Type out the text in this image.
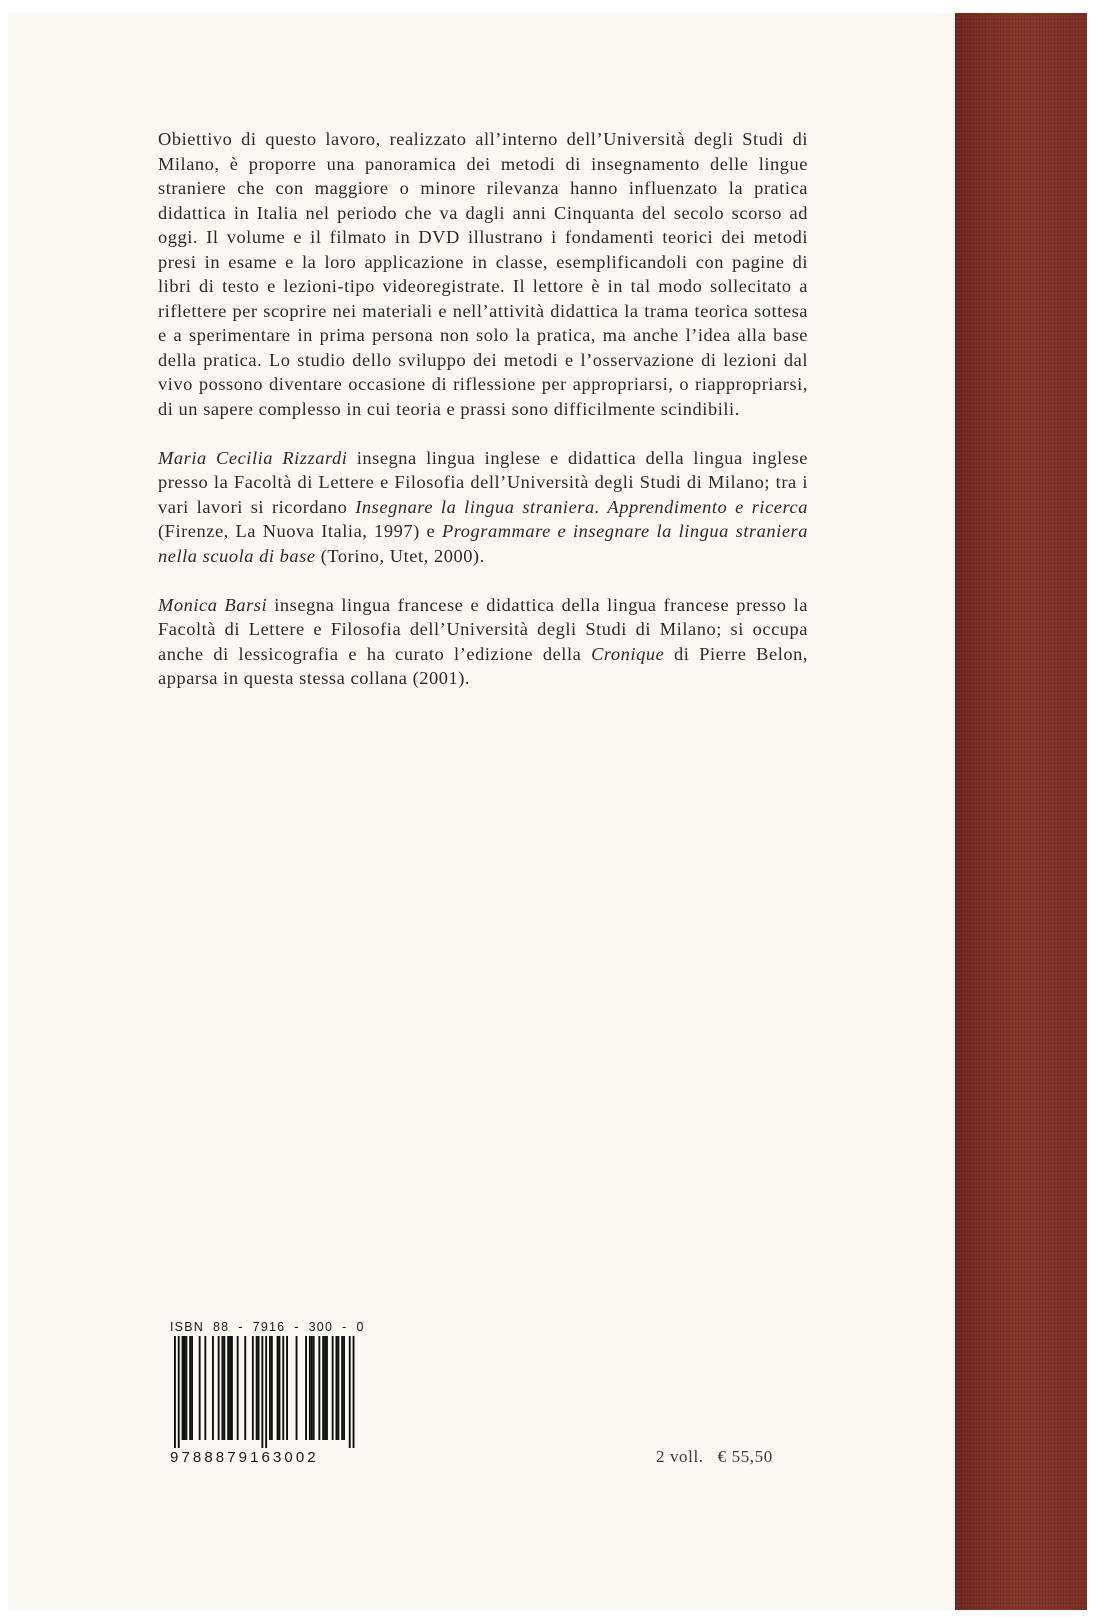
Obiettivo di questo lavoro, realizzato all’interno dell’Università degli Studi di Milano, è proporre una panoramica dei metodi di insegnamento delle lingue straniere che con maggiore o minore rilevanza hanno influenzato la pratica didattica in Italia nel periodo che va dagli anni Cinquanta del secolo scorso ad oggi. Il volume e il filmato in DVD illustrano i fondamenti teorici dei metodi presi in esame e la loro applicazione in classe, esemplificandoli con pagine di libri di testo e lezioni-tipo videoregistrate. Il lettore è in tal modo sollecitato a riflettere per scoprire nei materiali e nell’attività didattica la trama teorica sottesa e a sperimentare in prima persona non solo la pratica, ma anche l’idea alla base della pratica. Lo studio dello sviluppo dei metodi e l’osservazione di lezioni dal vivo possono diventare occasione di riflessione per appropriarsi, o riappropriarsi, di un sapere complesso in cui teoria e prassi sono difficilmente scindibili.

Maria Cecilia Rizzardi insegna lingua inglese e didattica della lingua inglese presso la Facoltà di Lettere e Filosofia dell’Università degli Studi di Milano; tra i vari lavori si ricordano Insegnare la lingua straniera. Apprendimento e ricerca (Firenze, La Nuova Italia, 1997) e Programmare e insegnare la lingua straniera nella scuola di base (Torino, Utet, 2000).

Monica Barsi insegna lingua francese e didattica della lingua francese presso la Facoltà di Lettere e Filosofia dell’Università degli Studi di Milano; si occupa anche di lessicografia e ha curato l’edizione della Cronique di Pierre Belon, apparsa in questa stessa collana (2001).

ISBN 88 - 7916 - 300 - 0
9788879163002	2 voll. € 55,50
